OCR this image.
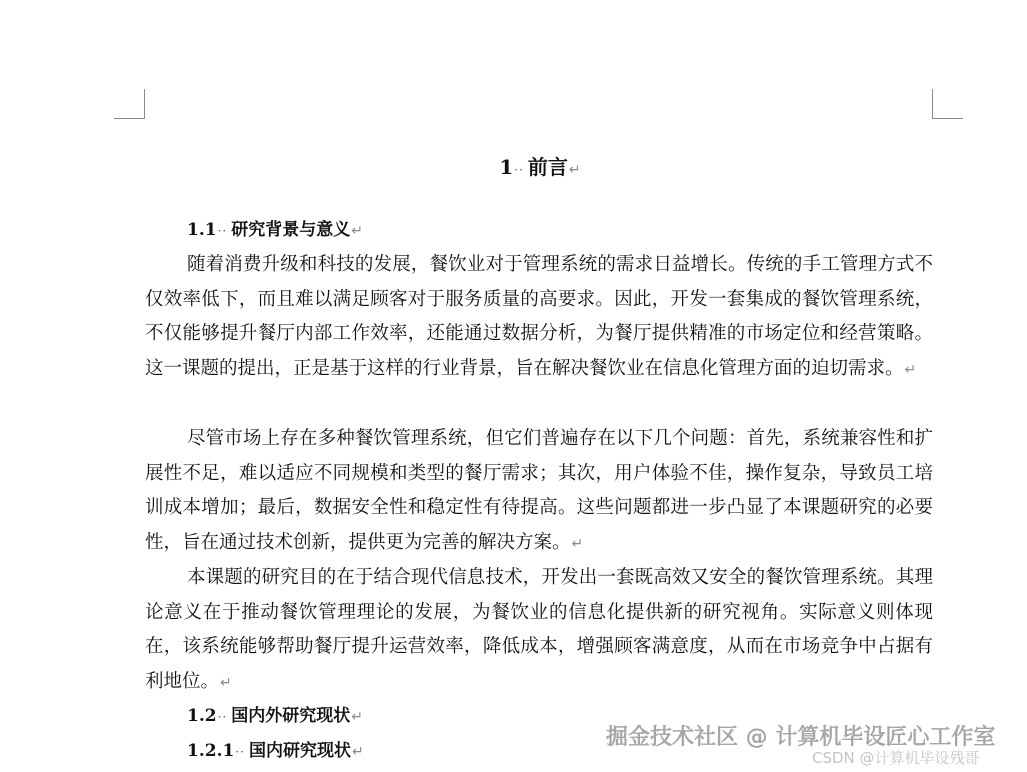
1·· 前言↵
1.1·· 研究背景与意义↵

随着消费升级和科技的发展，餐饮业对于管理系统的需求日益增长。传统的手工管理方式不仅效率低下，而且难以满足顾客对于服务质量的高要求。因此，开发一套集成的餐饮管理系统，不仅能够提升餐厅内部工作效率，还能通过数据分析，为餐厅提供精准的市场定位和经营策略。这一课题的提出，正是基于这样的行业背景，旨在解决餐饮业在信息化管理方面的迫切需求。↵

尽管市场上存在多种餐饮管理系统，但它们普遍存在以下几个问题：首先，系统兼容性和扩展性不足，难以适应不同规模和类型的餐厅需求；其次，用户体验不佳，操作复杂，导致员工培训成本增加；最后，数据安全性和稳定性有待提高。这些问题都进一步凸显了本课题研究的必要性，旨在通过技术创新，提供更为完善的解决方案。↵

本课题的研究目的在于结合现代信息技术，开发出一套既高效又安全的餐饮管理系统。其理论意义在于推动餐饮管理理论的发展，为餐饮业的信息化提供新的研究视角。实际意义则体现在，该系统能够帮助餐厅提升运营效率，降低成本，增强顾客满意度，从而在市场竞争中占据有利地位。↵

1.2·· 国内外研究现状↵
1.2.1·· 国内研究现状↵
掘金技术社区 @ 计算机毕设匠心工作室
CSDN @计算机毕设残哥
